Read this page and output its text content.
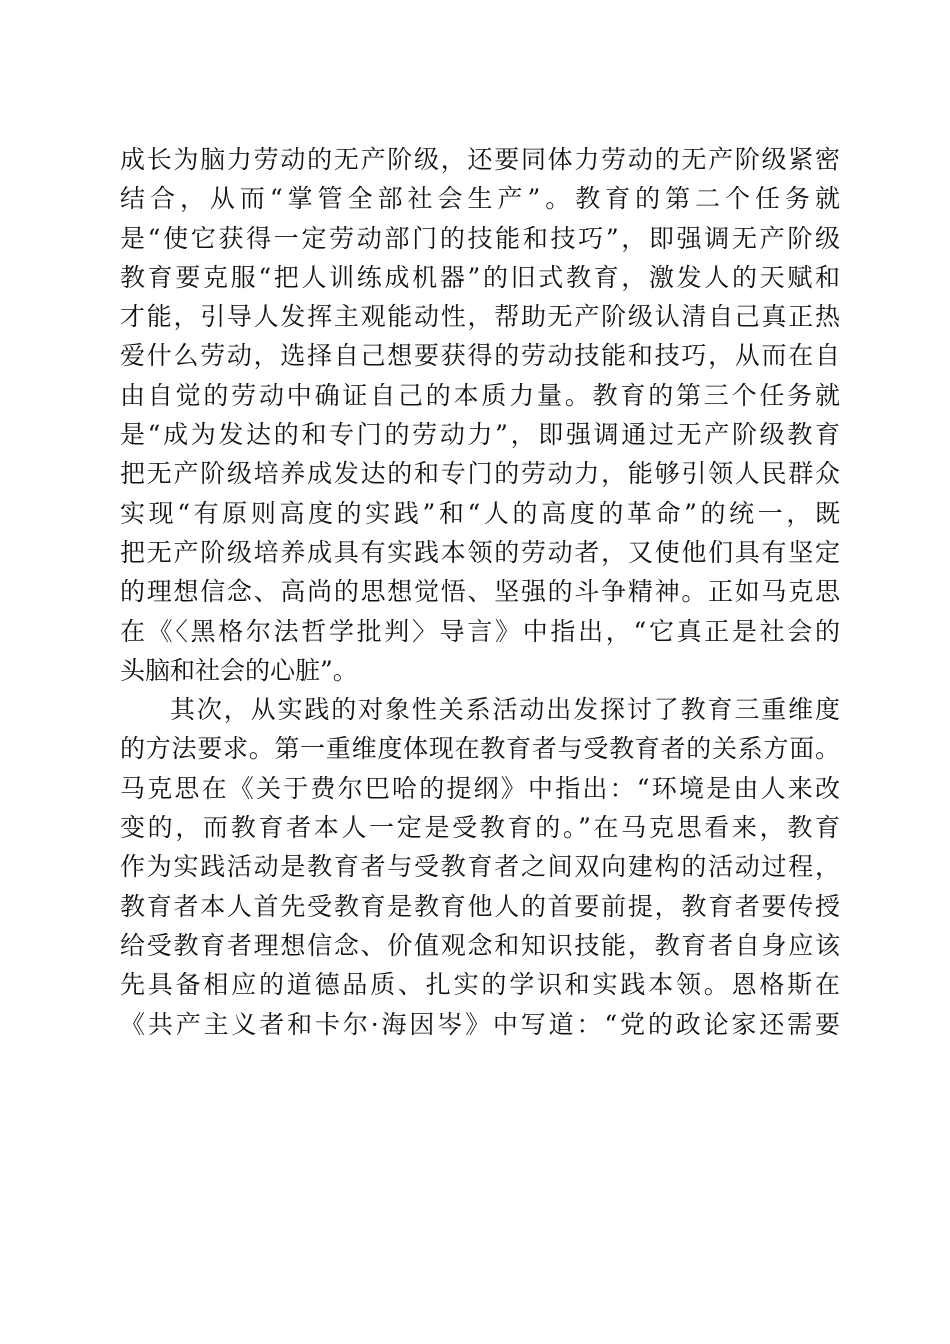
成长为脑力劳动的无产阶级，还要同体力劳动的无产阶级紧密
结合，从而“掌管全部社会生产”。教育的第二个任务就
是“使它获得一定劳动部门的技能和技巧”，即强调无产阶级
教育要克服“把人训练成机器”的旧式教育，激发人的天赋和
才能，引导人发挥主观能动性，帮助无产阶级认清自己真正热
爱什么劳动，选择自己想要获得的劳动技能和技巧，从而在自
由自觉的劳动中确证自己的本质力量。教育的第三个任务就
是“成为发达的和专门的劳动力”，即强调通过无产阶级教育
把无产阶级培养成发达的和专门的劳动力，能够引领人民群众
实现“有原则高度的实践”和“人的高度的革命”的统一，既
把无产阶级培养成具有实践本领的劳动者，又使他们具有坚定
的理想信念、高尚的思想觉悟、坚强的斗争精神。正如马克思
在《〈黑格尔法哲学批判〉导言》中指出，“它真正是社会的
头脑和社会的心脏”。
其次，从实践的对象性关系活动出发探讨了教育三重维度
的方法要求。第一重维度体现在教育者与受教育者的关系方面。
马克思在《关于费尔巴哈的提纲》中指出：“环境是由人来改
变的，而教育者本人一定是受教育的。”在马克思看来，教育
作为实践活动是教育者与受教育者之间双向建构的活动过程，
教育者本人首先受教育是教育他人的首要前提，教育者要传授
给受教育者理想信念、价值观念和知识技能，教育者自身应该
先具备相应的道德品质、扎实的学识和实践本领。恩格斯在
《共产主义者和卡尔·海因岑》中写道：“党的政论家还需要
